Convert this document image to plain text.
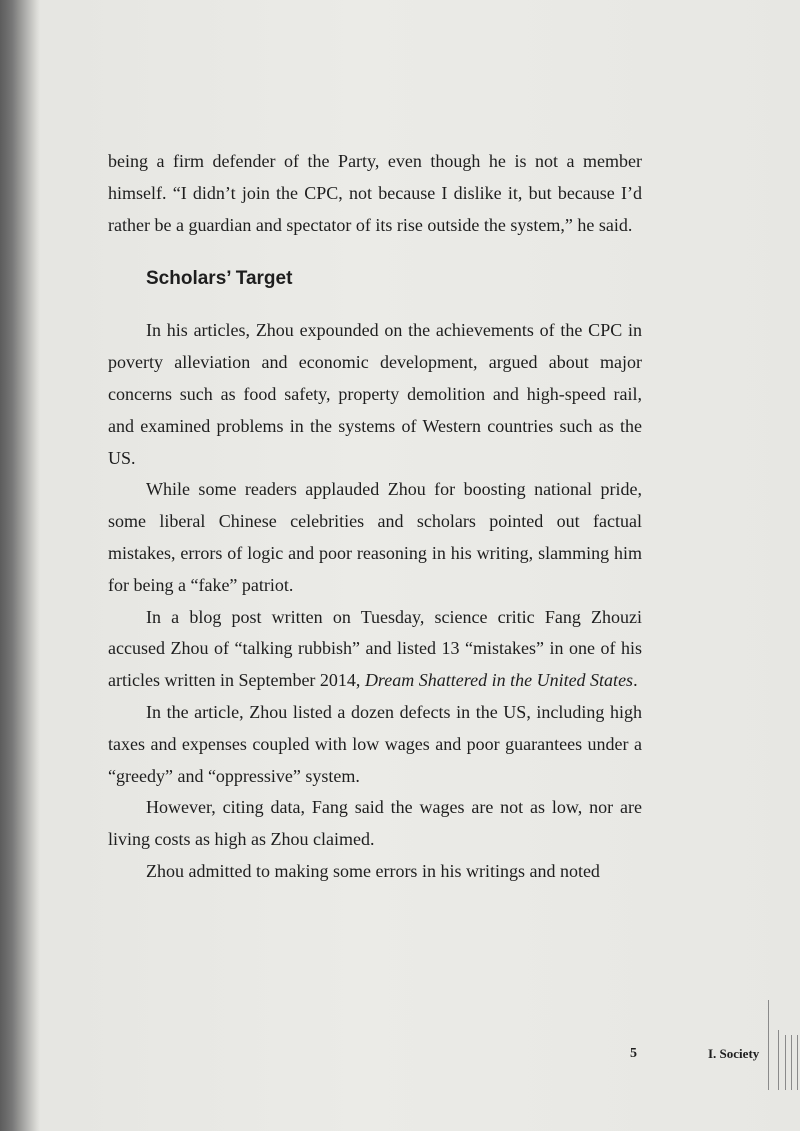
being a firm defender of the Party, even though he is not a member himself. “I didn’t join the CPC, not because I dislike it, but because I’d rather be a guardian and spectator of its rise outside the system,” he said.

Scholars’ Target

In his articles, Zhou expounded on the achievements of the CPC in poverty alleviation and economic development, argued about major concerns such as food safety, property demolition and high-speed rail, and examined problems in the systems of Western countries such as the US.

While some readers applauded Zhou for boosting national pride, some liberal Chinese celebrities and scholars pointed out factual mistakes, errors of logic and poor reasoning in his writing, slamming him for being a “fake” patriot.

In a blog post written on Tuesday, science critic Fang Zhouzi accused Zhou of “talking rubbish” and listed 13 “mistakes” in one of his articles written in September 2014, Dream Shattered in the United States.

In the article, Zhou listed a dozen defects in the US, including high taxes and expenses coupled with low wages and poor guarantees under a “greedy” and “oppressive” system.

However, citing data, Fang said the wages are not as low, nor are living costs as high as Zhou claimed.

Zhou admitted to making some errors in his writings and noted

5	I. Society
